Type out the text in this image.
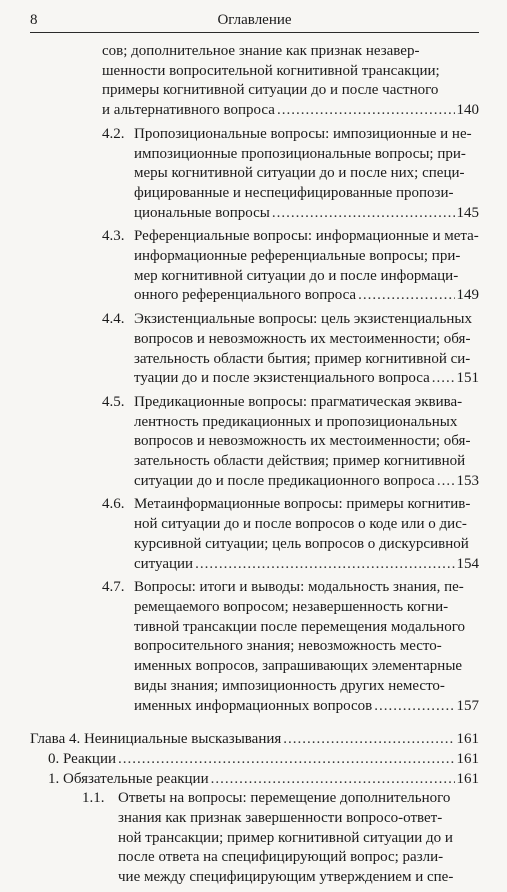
8	Оглавление
сов; дополнительное знание как признак незавер-
шенности вопросительной когнитивной трансакции;
примеры когнитивной ситуации до и после частного
и альтернативного вопроса .....	140
4.2. Пропозициональные вопросы: импозиционные и не-
импозиционные пропозициональные вопросы; при-
меры когнитивной ситуации до и после них; специ-
фицированные и неспецифицированные пропози-
циональные вопросы .....	145
4.3. Референциальные вопросы: информационные и мета-
информационные референциальные вопросы; при-
мер когнитивной ситуации до и после информаци-
онного референциального вопроса .....	149
4.4. Экзистенциальные вопросы: цель экзистенциальных
вопросов и невозможность их местоименности; обя-
зательность области бытия; пример когнитивной си-
туации до и после экзистенциального вопроса ..... 151
4.5. Предикационные вопросы: прагматическая эквива-
лентность предикационных и пропозициональных
вопросов и невозможность их местоименности; обя-
зательность области действия; пример когнитивной
ситуации до и после предикационного вопроса ..... 153
4.6. Метаинформационные вопросы: примеры когнитив-
ной ситуации до и после вопросов о коде или о дис-
курсивной ситуации; цель вопросов о дискурсивной
ситуации .....	154
4.7. Вопросы: итоги и выводы: модальность знания, пе-
ремещаемого вопросом; незавершенность когни-
тивной трансакции после перемещения модального
вопросительного знания; невозможность место-
именных вопросов, запрашивающих элементарные
виды знания; импозиционность других неместо-
именных информационных вопросов .....	157
Глава 4. Неинициальные высказывания .....	161
0. Реакции .....	161
1. Обязательные реакции .....	161
1.1. Ответы на вопросы: перемещение дополнительного
знания как признак завершенности вопросо-ответ-
ной трансакции; пример когнитивной ситуации до и
после ответа на специфицирующий вопрос; разли-
чие между специфицирующим утверждением и спе-
